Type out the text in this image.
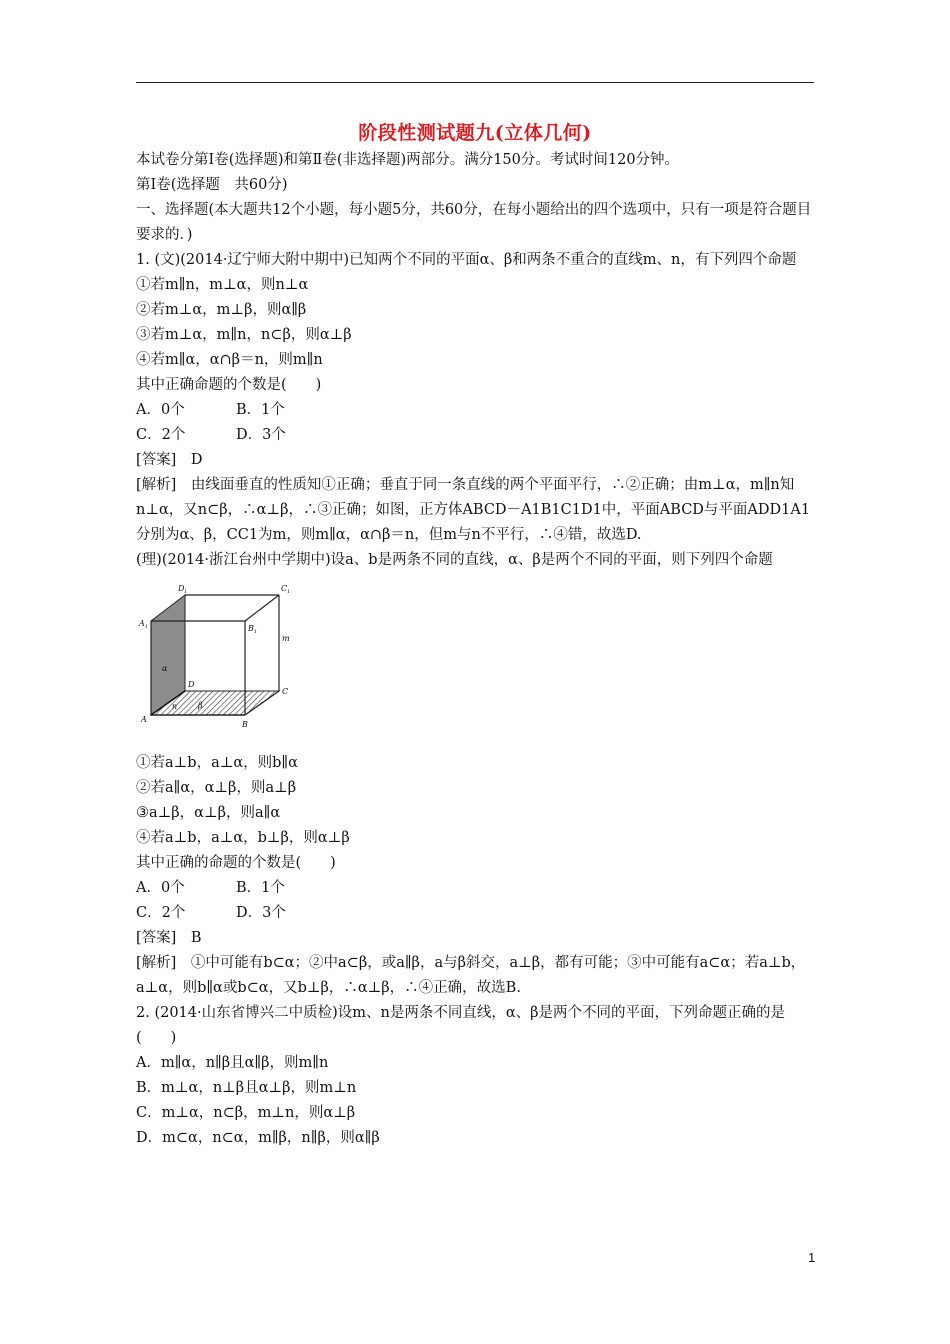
阶段性测试题九(立体几何)

本试卷分第Ⅰ卷(选择题)和第Ⅱ卷(非选择题)两部分。满分150分。考试时间120分钟。

第Ⅰ卷(选择题　共60分)

一、选择题(本大题共12个小题，每小题5分，共60分，在每小题给出的四个选项中，只有一项是符合题目要求的．)

1. (文)(2014·辽宁师大附中期中)已知两个不同的平面α、β和两条不重合的直线m、n，有下列四个命题

①若m∥n，m⊥α，则n⊥α

②若m⊥α，m⊥β，则α∥β

③若m⊥α，m∥n，n⊂β，则α⊥β

④若m∥α，α∩β＝n，则m∥n

其中正确命题的个数是(　　)

A．0个	B．1个

C．2个	D．3个

[答案]　D

[解析]　由线面垂直的性质知①正确；垂直于同一条直线的两个平面平行，∴②正确；由m⊥α，m∥n知n⊥α，又n⊂β，∴α⊥β，∴③正确；如图，正方体ABCD－A1B1C1D1中，平面ABCD与平面ADD1A1分别为α、β，CC1为m，则m∥α，α∩β＝n，但m与n不平行，∴④错，故选D.

(理)(2014·浙江台州中学期中)设a、b是两条不同的直线，α、β是两个不同的平面，则下列四个命题

D 1	C 1
A 1	B 1
m
α
D
C
n	β
A
B

①若a⊥b，a⊥α，则b∥α

②若a∥α，α⊥β，则a⊥β

③a⊥β，α⊥β，则a∥α

④若a⊥b，a⊥α，b⊥β，则α⊥β

其中正确的命题的个数是(　　)

A．0个	B．1个

C．2个	D．3个

[答案]　B

[解析]　①中可能有b⊂α；②中a⊂β，或a∥β，a与β斜交，a⊥β，都有可能；③中可能有a⊂α；若a⊥b，a⊥α，则b∥α或b⊂α，又b⊥β，∴α⊥β，∴④正确，故选B.

2. (2014·山东省博兴二中质检)设m、n是两条不同直线，α、β是两个不同的平面，下列命题正确的是(　　)

A．m∥α，n∥β且α∥β，则m∥n

B．m⊥α，n⊥β且α⊥β，则m⊥n

C．m⊥α，n⊂β，m⊥n，则α⊥β

D．m⊂α，n⊂α，m∥β，n∥β，则α∥β

1
